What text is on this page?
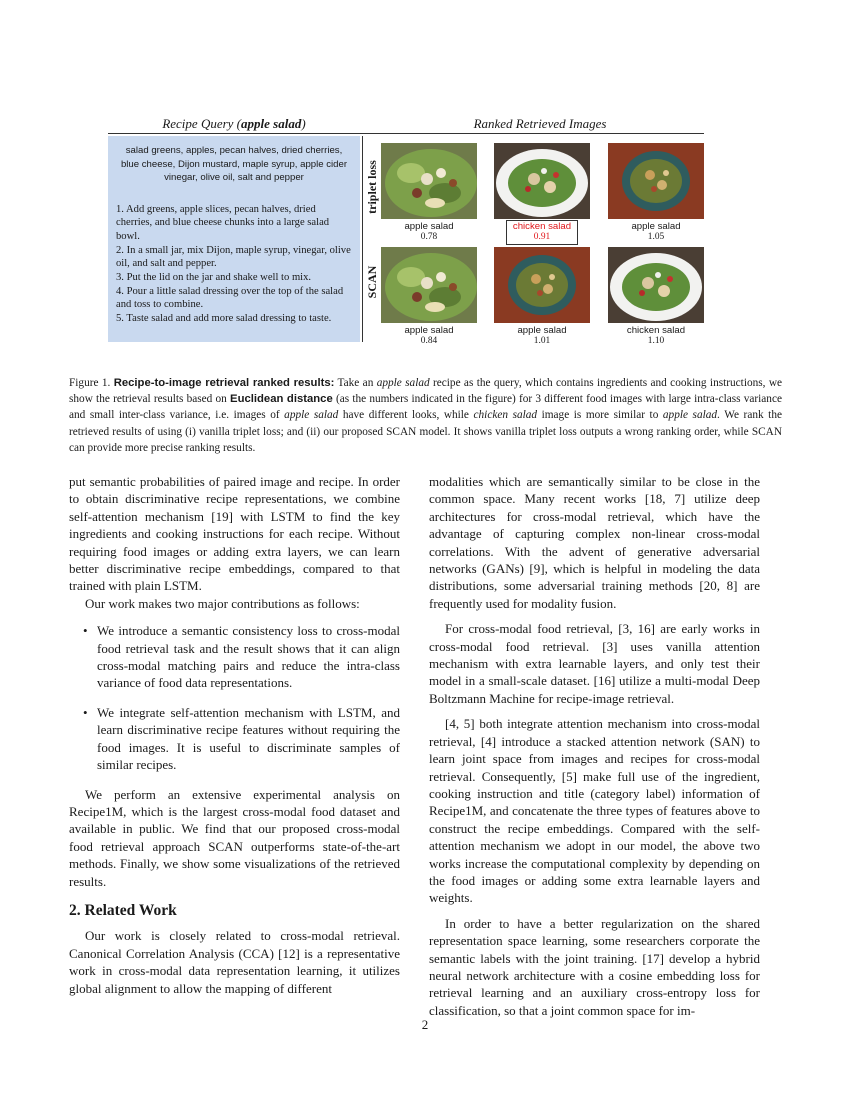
Recipe Query (apple salad)	Ranked Retrieved Images

salad greens, apples, pecan halves, dried cherries, blue cheese, Dijon mustard, maple syrup, apple cider vinegar, olive oil, salt and pepper

1. Add greens, apple slices, pecan halves, dried cherries, and blue cheese chunks into a large salad bowl.
2. In a small jar, mix Dijon, maple syrup, vinegar, olive oil, and salt and pepper.
3. Put the lid on the jar and shake well to mix.
4. Pour a little salad dressing over the top of the salad and toss to combine.
5. Taste salad and add more salad dressing to taste.
triplet loss
SCAN
apple salad
0.78
chicken salad
0.91
apple salad
1.05
apple salad
0.84
apple salad
1.01
chicken salad
1.10
Figure 1. Recipe-to-image retrieval ranked results: Take an apple salad recipe as the query, which contains ingredients and cooking instructions, we show the retrieval results based on Euclidean distance (as the numbers indicated in the figure) for 3 different food images with large intra-class variance and small inter-class variance, i.e. images of apple salad have different looks, while chicken salad image is more similar to apple salad. We rank the retrieved results of using (i) vanilla triplet loss; and (ii) our proposed SCAN model. It shows vanilla triplet loss outputs a wrong ranking order, while SCAN can provide more precise ranking results.

put semantic probabilities of paired image and recipe. In order to obtain discriminative recipe representations, we combine self-attention mechanism [19] with LSTM to find the key ingredients and cooking instructions for each recipe. Without requiring food images or adding extra layers, we can learn better discriminative recipe embeddings, compared to that trained with plain LSTM.

Our work makes two major contributions as follows:

• We introduce a semantic consistency loss to cross-modal food retrieval task and the result shows that it can align cross-modal matching pairs and reduce the intra-class variance of food data representations.
• We integrate self-attention mechanism with LSTM, and learn discriminative recipe features without requiring the food images. It is useful to discriminate samples of similar recipes.

We perform an extensive experimental analysis on Recipe1M, which is the largest cross-modal food dataset and available in public. We find that our proposed cross-modal food retrieval approach SCAN outperforms state-of-the-art methods. Finally, we show some visualizations of the retrieved results.

2. Related Work

Our work is closely related to cross-modal retrieval. Canonical Correlation Analysis (CCA) [12] is a representative work in cross-modal data representation learning, it utilizes global alignment to allow the mapping of different

modalities which are semantically similar to be close in the common space. Many recent works [18, 7] utilize deep architectures for cross-modal retrieval, which have the advantage of capturing complex non-linear cross-modal correlations. With the advent of generative adversarial networks (GANs) [9], which is helpful in modeling the data distributions, some adversarial training methods [20, 8] are frequently used for modality fusion.

For cross-modal food retrieval, [3, 16] are early works in cross-modal food retrieval. [3] uses vanilla attention mechanism with extra learnable layers, and only test their model in a small-scale dataset. [16] utilize a multi-modal Deep Boltzmann Machine for recipe-image retrieval.

[4, 5] both integrate attention mechanism into cross-modal retrieval, [4] introduce a stacked attention network (SAN) to learn joint space from images and recipes for cross-modal retrieval. Consequently, [5] make full use of the ingredient, cooking instruction and title (category label) information of Recipe1M, and concatenate the three types of features above to construct the recipe embeddings. Compared with the self-attention mechanism we adopt in our model, the above two works increase the computational complexity by depending on the food images or adding some extra learnable layers and weights.

In order to have a better regularization on the shared representation space learning, some researchers corporate the semantic labels with the joint training. [17] develop a hybrid neural network architecture with a cosine embedding loss for retrieval learning and an auxiliary cross-entropy loss for classification, so that a joint common space for im-

2
